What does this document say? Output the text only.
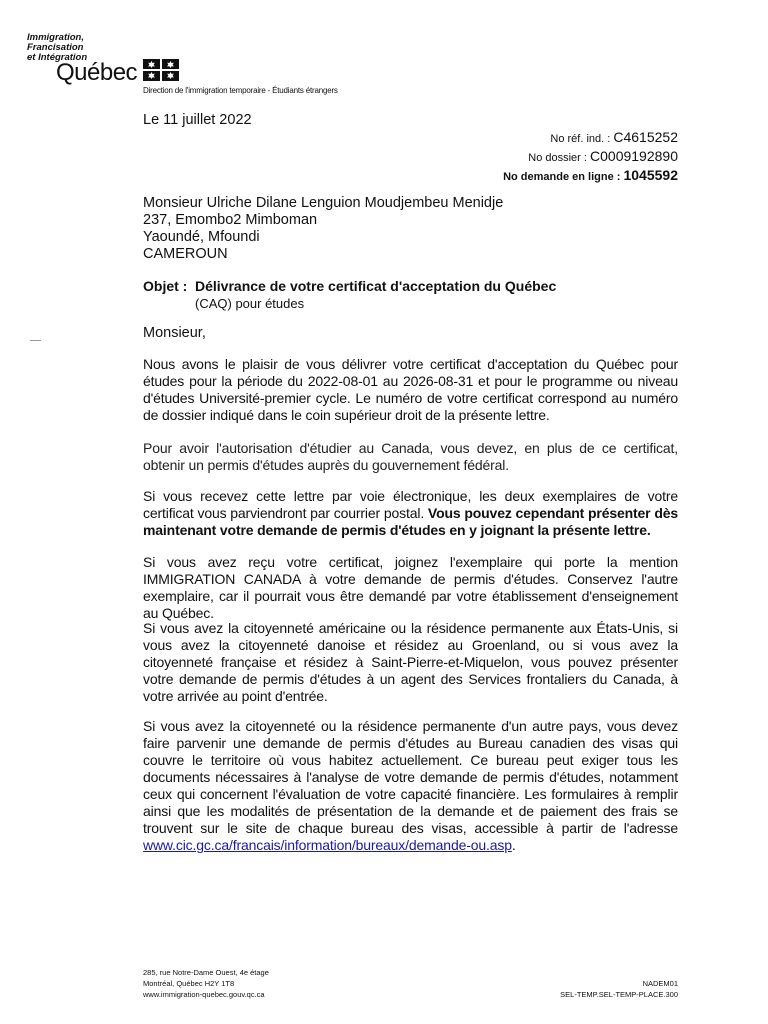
Immigration,
Francisation
et Intégration
Québec
Direction de l'immigration temporaire - Étudiants étrangers
Le 11 juillet 2022
No réf. ind. : C4615252
No dossier : C0009192890
No demande en ligne : 1045592
Monsieur Ulriche Dilane Lenguion Moudjembeu Menidje
237, Emombo2 Mimboman
Yaoundé, Mfoundi
CAMEROUN
Objet : Délivrance de votre certificat d'acceptation du Québec
(CAQ) pour études
Monsieur,

Nous avons le plaisir de vous délivrer votre certificat d'acceptation du Québec pour études pour la période du 2022-08-01 au 2026-08-31 et pour le programme ou niveau d'études Université-premier cycle. Le numéro de votre certificat correspond au numéro de dossier indiqué dans le coin supérieur droit de la présente lettre.

Pour avoir l'autorisation d'étudier au Canada, vous devez, en plus de ce certificat, obtenir un permis d'études auprès du gouvernement fédéral.

Si vous recevez cette lettre par voie électronique, les deux exemplaires de votre certificat vous parviendront par courrier postal. Vous pouvez cependant présenter dès maintenant votre demande de permis d'études en y joignant la présente lettre.

Si vous avez reçu votre certificat, joignez l'exemplaire qui porte la mention IMMIGRATION CANADA à votre demande de permis d'études. Conservez l'autre exemplaire, car il pourrait vous être demandé par votre établissement d'enseignement au Québec.

Si vous avez la citoyenneté américaine ou la résidence permanente aux États-Unis, si vous avez la citoyenneté danoise et résidez au Groenland, ou si vous avez la citoyenneté française et résidez à Saint-Pierre-et-Miquelon, vous pouvez présenter votre demande de permis d'études à un agent des Services frontaliers du Canada, à votre arrivée au point d'entrée.

Si vous avez la citoyenneté ou la résidence permanente d'un autre pays, vous devez faire parvenir une demande de permis d'études au Bureau canadien des visas qui couvre le territoire où vous habitez actuellement. Ce bureau peut exiger tous les documents nécessaires à l'analyse de votre demande de permis d'études, notamment ceux qui concernent l'évaluation de votre capacité financière. Les formulaires à remplir ainsi que les modalités de présentation de la demande et de paiement des frais se trouvent sur le site de chaque bureau des visas, accessible à partir de l'adresse www.cic.gc.ca/francais/information/bureaux/demande-ou.asp.

285, rue Notre-Dame Ouest, 4e étage
Montréal, Québec H2Y 1T8
www.immigration-quebec.gouv.qc.ca
NADEM01
SEL-TEMP.SEL-TEMP-PLACE.300
